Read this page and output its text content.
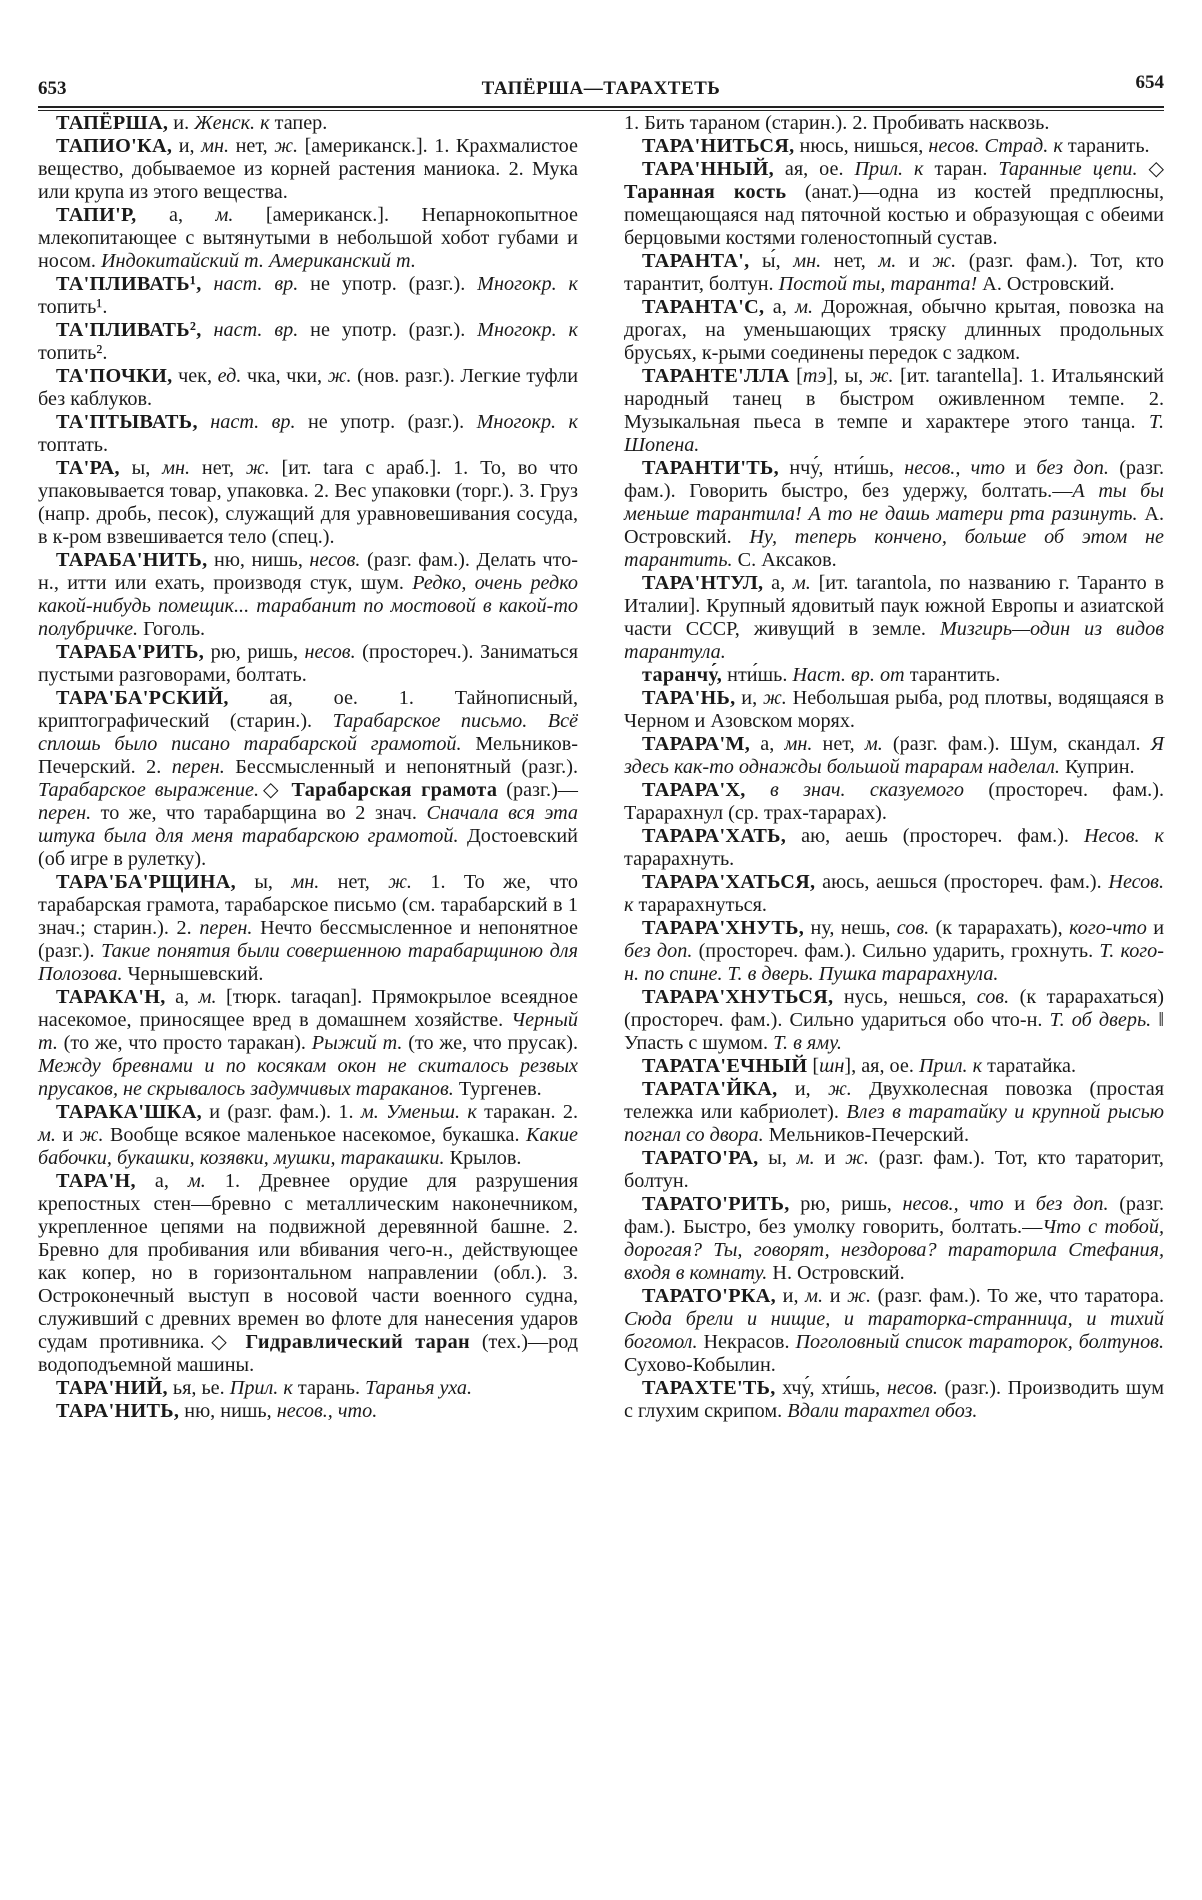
653	ТАПЁРША—ТАРАХТЕТЬ	654

ТАПЁРША, и. Женск. к тапер.

ТАПИО'КА, и, мн. нет, ж. [американск.]. 1. Крахмалистое вещество, добываемое из корней растения маниока. 2. Мука или крупа из этого вещества.

ТАПИ'Р, а, м. [американск.]. Непарнокопытное млекопитающее с вытянутыми в небольшой хобот губами и носом. Индокитайский т. Американский т.

ТА'ПЛИВАТЬ¹, наст. вр. не употр. (разг.). Многокр. к топить¹.

ТА'ПЛИВАТЬ², наст. вр. не употр. (разг.). Многокр. к топить².

ТА'ПОЧКИ, чек, ед. чка, чки, ж. (нов. разг.). Легкие туфли без каблуков.

ТА'ПТЫВАТЬ, наст. вр. не употр. (разг.). Многокр. к топтать.

ТА'РА, ы, мн. нет, ж. [ит. tara с араб.]. 1. То, во что упаковывается товар, упаковка. 2. Вес упаковки (торг.). 3. Груз (напр. дробь, песок), служащий для уравновешивания сосуда, в к-ром взвешивается тело (спец.).

ТАРАБА'НИТЬ, ню, нишь, несов. (разг. фам.). Делать что-н., итти или ехать, производя стук, шум. Редко, очень редко какой-нибудь помещик... тарабанит по мостовой в какой-то полубричке. Гоголь.

ТАРАБА'РИТЬ, рю, ришь, несов. (простореч.). Заниматься пустыми разговорами, болтать.

ТАРА'БА'РСКИЙ, ая, ое. 1. Тайнописный, криптографический (старин.). Тарабарское письмо. Всё сплошь было писано тарабарской грамотой. Мельников-Печерский. 2. перен. Бессмысленный и непонятный (разг.). Тарабарское выражение.◇ Тарабарская грамота (разг.)—перен. то же, что тарабарщина во 2 знач. Сначала вся эта штука была для меня тарабарскою грамотой. Достоевский (об игре в рулетку).

ТАРА'БА'РЩИНА, ы, мн. нет, ж. 1. То же, что тарабарская грамота, тарабарское письмо (см. тарабарский в 1 знач.; старин.). 2. перен. Нечто бессмысленное и непонятное (разг.). Такие понятия были совершенною тарабарщиною для Полозова. Чернышевский.

ТАРАКА'Н, а, м. [тюрк. taraqan]. Прямокрылое всеядное насекомое, приносящее вред в домашнем хозяйстве. Черный т. (то же, что просто таракан). Рыжий т. (то же, что прусак). Между бревнами и по косякам окон не скиталось резвых прусаков, не скрывалось задумчивых тараканов. Тургенев.

ТАРАКА'ШКА, и (разг. фам.). 1. м. Уменьш. к таракан. 2. м. и ж. Вообще всякое маленькое насекомое, букашка. Какие бабочки, букашки, козявки, мушки, таракашки. Крылов.

ТАРА'Н, а, м. 1. Древнее орудие для разрушения крепостных стен—бревно с металлическим наконечником, укрепленное цепями на подвижной деревянной башне. 2. Бревно для пробивания или вбивания чего-н., действующее как копер, но в горизонтальном направлении (обл.). 3. Остроконечный выступ в носовой части военного судна, служивший с древних времен во флоте для нанесения ударов судам противника.◇ Гидравлический таран (тех.)—род водоподъемной машины.

ТАРА'НИЙ, ья, ье. Прил. к тарань. Таранья уха.

ТАРА'НИТЬ, ню, нишь, несов., что.

1. Бить тараном (старин.). 2. Пробивать насквозь.

ТАРА'НИТЬСЯ, нюсь, нишься, несов. Страд. к таранить.

ТАРА'ННЫЙ, ая, ое. Прил. к таран. Таранные цепи. ◇ Таранная кость (анат.)—одна из костей предплюсны, помещающаяся над пяточной костью и образующая с обеими берцовыми костями голеностопный сустав.

ТАРАНТА', ы́, мн. нет, м. и ж. (разг. фам.). Тот, кто тарантит, болтун. Постой ты, таранта! А. Островский.

ТАРАНТА'С, а, м. Дорожная, обычно крытая, повозка на дрогах, на уменьшающих тряску длинных продольных брусьях, к-рыми соединены передок с задком.

ТАРАНТЕ'ЛЛА [тэ], ы, ж. [ит. tarantella]. 1. Итальянский народный танец в быстром оживленном темпе. 2. Музыкальная пьеса в темпе и характере этого танца. Т. Шопена.

ТАРАНТИ'ТЬ, нчу́, нти́шь, несов., что и без доп. (разг. фам.). Говорить быстро, без удержу, болтать.—А ты бы меньше тарантила! А то не дашь матери рта разинуть. А. Островский. Ну, теперь кончено, больше об этом не тарантить. С. Аксаков.

ТАРА'НТУЛ, а, м. [ит. tarantola, по названию г. Таранто в Италии]. Крупный ядовитый паук южной Европы и азиатской части СССР, живущий в земле. Мизгирь—один из видов тарантула.

таранчу́, нти́шь. Наст. вр. от тарантить.

ТАРА'НЬ, и, ж. Небольшая рыба, род плотвы, водящаяся в Черном и Азовском морях.

ТАРАРА'М, а, мн. нет, м. (разг. фам.). Шум, скандал. Я здесь как-то однажды большой тарарам наделал. Куприн.

ТАРАРА'Х, в знач. сказуемого (простореч. фам.). Тарарахнул (ср. трах-тарарах).

ТАРАРА'ХАТЬ, аю, аешь (простореч. фам.). Несов. к тарарахнуть.

ТАРАРА'ХАТЬСЯ, аюсь, аешься (простореч. фам.). Несов. к тарарахнуться.

ТАРАРА'ХНУТЬ, ну, нешь, сов. (к тарарахать), кого-что и без доп. (простореч. фам.). Сильно ударить, грохнуть. Т. кого-н. по спине. Т. в дверь. Пушка тарарахнула.

ТАРАРА'ХНУТЬСЯ, нусь, нешься, сов. (к тарарахаться) (простореч. фам.). Сильно удариться обо что-н. Т. об дверь. ‖ Упасть с шумом. Т. в яму.

ТАРАТА'ЕЧНЫЙ [шн], ая, ое. Прил. к таратайка.

ТАРАТА'ЙКА, и, ж. Двухколесная повозка (простая тележка или кабриолет). Влез в таратайку и крупной рысью погнал со двора. Мельников-Печерский.

ТАРАТО'РА, ы, м. и ж. (разг. фам.). Тот, кто тараторит, болтун.

ТАРАТО'РИТЬ, рю, ришь, несов., что и без доп. (разг. фам.). Быстро, без умолку говорить, болтать.—Что с тобой, дорогая? Ты, говорят, нездорова? тараторила Стефания, входя в комнату. Н. Островский.

ТАРАТО'РКА, и, м. и ж. (разг. фам.). То же, что таратора. Сюда брели и нищие, и тараторка-странница, и тихий богомол. Некрасов. Поголовный список тараторок, болтунов. Сухово-Кобылин.

ТАРАХТЕ'ТЬ, хчу́, хти́шь, несов. (разг.). Производить шум с глухим скрипом. Вдали тарахтел обоз.
